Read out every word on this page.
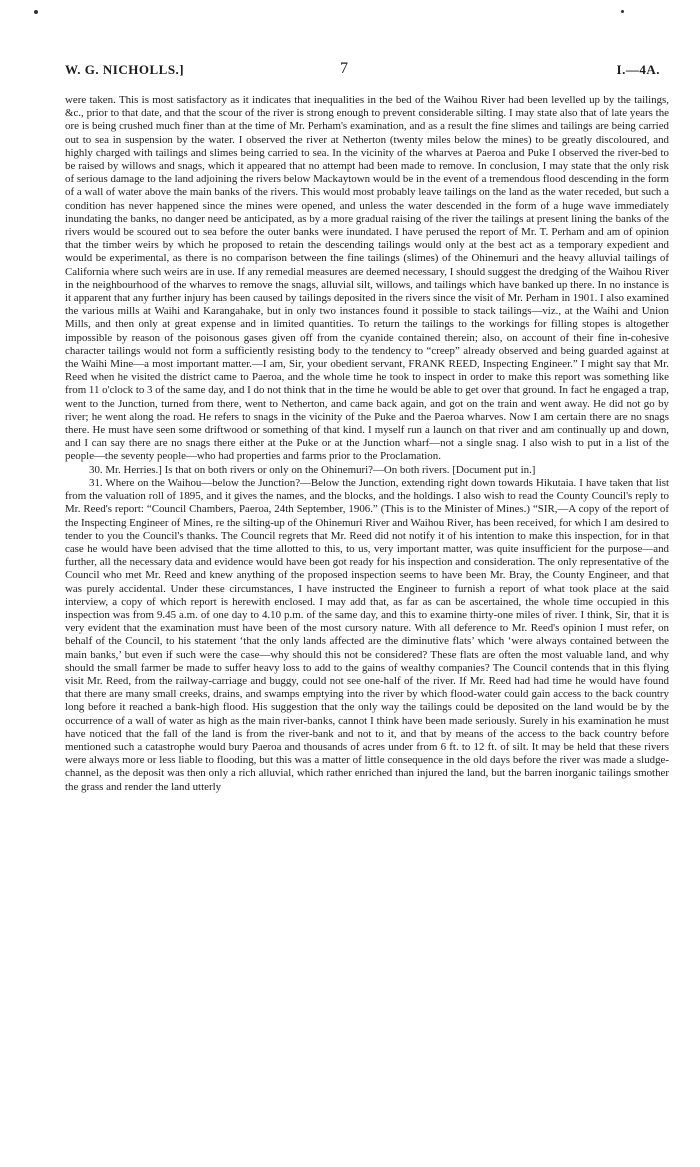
W. G. NICHOLLS.]	7	I.—4A.

were taken. This is most satisfactory as it indicates that inequalities in the bed of the Waihou River had been levelled up by the tailings, &c., prior to that date, and that the scour of the river is strong enough to prevent considerable silting. I may state also that of late years the ore is being crushed much finer than at the time of Mr. Perham's examination, and as a result the fine slimes and tailings are being carried out to sea in suspension by the water. I observed the river at Netherton (twenty miles below the mines) to be greatly discoloured, and highly charged with tailings and slimes being carried to sea. In the vicinity of the wharves at Paeroa and Puke I observed the river-bed to be raised by willows and snags, which it appeared that no attempt had been made to remove. In conclusion, I may state that the only risk of serious damage to the land adjoining the rivers below Mackaytown would be in the event of a tremendous flood descending in the form of a wall of water above the main banks of the rivers. This would most probably leave tailings on the land as the water receded, but such a condition has never happened since the mines were opened, and unless the water descended in the form of a huge wave immediately inundating the banks, no danger need be anticipated, as by a more gradual raising of the river the tailings at present lining the banks of the rivers would be scoured out to sea before the outer banks were inundated. I have perused the report of Mr. T. Perham and am of opinion that the timber weirs by which he proposed to retain the descending tailings would only at the best act as a temporary expedient and would be experimental, as there is no comparison between the fine tailings (slimes) of the Ohinemuri and the heavy alluvial tailings of California where such weirs are in use. If any remedial measures are deemed necessary, I should suggest the dredging of the Waihou River in the neighbourhood of the wharves to remove the snags, alluvial silt, willows, and tailings which have banked up there. In no instance is it apparent that any further injury has been caused by tailings deposited in the rivers since the visit of Mr. Perham in 1901. I also examined the various mills at Waihi and Karangahake, but in only two instances found it possible to stack tailings—viz., at the Waihi and Union Mills, and then only at great expense and in limited quantities. To return the tailings to the workings for filling stopes is altogether impossible by reason of the poisonous gases given off from the cyanide contained therein; also, on account of their fine in-cohesive character tailings would not form a sufficiently resisting body to the tendency to “creep” already observed and being guarded against at the Waihi Mine—a most important matter.—I am, Sir, your obedient servant, FRANK REED, Inspecting Engineer.” I might say that Mr. Reed when he visited the district came to Paeroa, and the whole time he took to inspect in order to make this report was something like from 11 o'clock to 3 of the same day, and I do not think that in the time he would be able to get over that ground. In fact he engaged a trap, went to the Junction, turned from there, went to Netherton, and came back again, and got on the train and went away. He did not go by river; he went along the road. He refers to snags in the vicinity of the Puke and the Paeroa wharves. Now I am certain there are no snags there. He must have seen some driftwood or something of that kind. I myself run a launch on that river and am continually up and down, and I can say there are no snags there either at the Puke or at the Junction wharf—not a single snag. I also wish to put in a list of the people—the seventy people—who had properties and farms prior to the Proclamation.

30. Mr. Herries.] Is that on both rivers or only on the Ohinemuri?—On both rivers. [Document put in.]

31. Where on the Waihou—below the Junction?—Below the Junction, extending right down towards Hikutaia. I have taken that list from the valuation roll of 1895, and it gives the names, and the blocks, and the holdings. I also wish to read the County Council's reply to Mr. Reed's report: “Council Chambers, Paeroa, 24th September, 1906.” (This is to the Minister of Mines.) “SIR,—A copy of the report of the Inspecting Engineer of Mines, re the silting-up of the Ohinemuri River and Waihou River, has been received, for which I am desired to tender to you the Council's thanks. The Council regrets that Mr. Reed did not notify it of his intention to make this inspection, for in that case he would have been advised that the time allotted to this, to us, very important matter, was quite insufficient for the purpose—and further, all the necessary data and evidence would have been got ready for his inspection and consideration. The only representative of the Council who met Mr. Reed and knew anything of the proposed inspection seems to have been Mr. Bray, the County Engineer, and that was purely accidental. Under these circumstances, I have instructed the Engineer to furnish a report of what took place at the said interview, a copy of which report is herewith enclosed. I may add that, as far as can be ascertained, the whole time occupied in this inspection was from 9.45 a.m. of one day to 4.10 p.m. of the same day, and this to examine thirty-one miles of river. I think, Sir, that it is very evident that the examination must have been of the most cursory nature. With all deference to Mr. Reed's opinion I must refer, on behalf of the Council, to his statement ‘that the only lands affected are the diminutive flats’ which ‘were always contained between the main banks,’ but even if such were the case—why should this not be considered? These flats are often the most valuable land, and why should the small farmer be made to suffer heavy loss to add to the gains of wealthy companies? The Council contends that in this flying visit Mr. Reed, from the railway-carriage and buggy, could not see one-half of the river. If Mr. Reed had had time he would have found that there are many small creeks, drains, and swamps emptying into the river by which flood-water could gain access to the back country long before it reached a bank-high flood. His suggestion that the only way the tailings could be deposited on the land would be by the occurrence of a wall of water as high as the main river-banks, cannot I think have been made seriously. Surely in his examination he must have noticed that the fall of the land is from the river-bank and not to it, and that by means of the access to the back country before mentioned such a catastrophe would bury Paeroa and thousands of acres under from 6 ft. to 12 ft. of silt. It may be held that these rivers were always more or less liable to flooding, but this was a matter of little consequence in the old days before the river was made a sludge-channel, as the deposit was then only a rich alluvial, which rather enriched than injured the land, but the barren inorganic tailings smother the grass and render the land utterly
